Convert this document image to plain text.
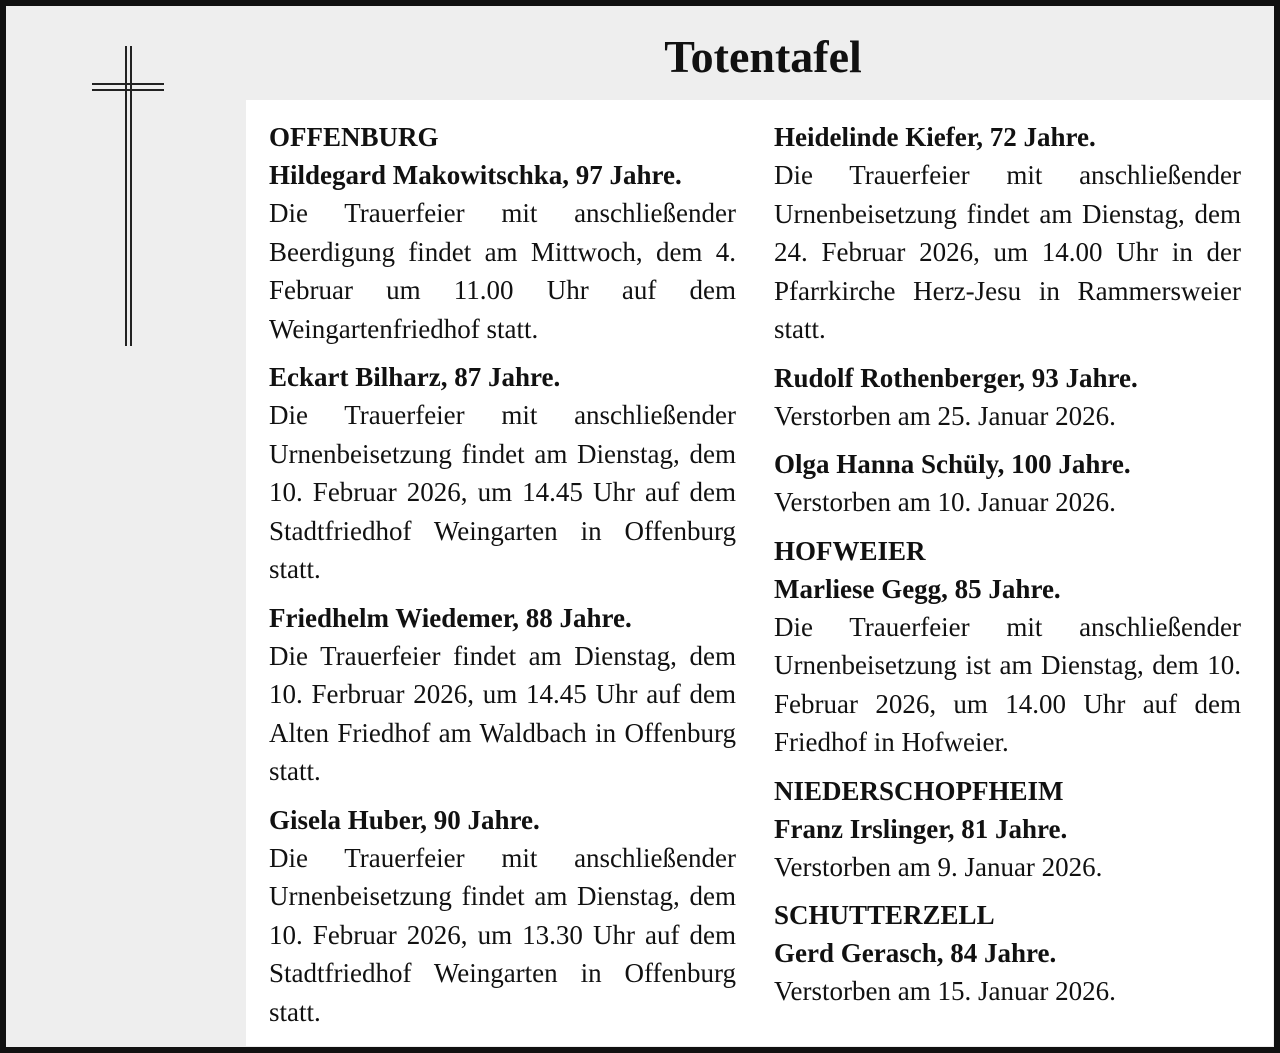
Totentafel
OFFENBURG
Hildegard Makowitschka, 97 Jahre.
Die Trauerfeier mit anschließender Beerdigung findet am Mittwoch, dem 4. Februar um 11.00 Uhr auf dem Weingartenfriedhof statt.
Eckart Bilharz, 87 Jahre.
Die Trauerfeier mit anschließender Urnenbeisetzung findet am Dienstag, dem 10. Februar 2026, um 14.45 Uhr auf dem Stadtfriedhof Weingarten in Offenburg statt.
Friedhelm Wiedemer, 88 Jahre.
Die Trauerfeier findet am Dienstag, dem 10. Ferbruar 2026, um 14.45 Uhr auf dem Alten Friedhof am Waldbach in Offenburg statt.
Gisela Huber, 90 Jahre.
Die Trauerfeier mit anschließender Urnenbeisetzung findet am Dienstag, dem 10. Februar 2026, um 13.30 Uhr auf dem Stadtfriedhof Weingarten in Offenburg statt.
Heidelinde Kiefer, 72 Jahre.
Die Trauerfeier mit anschließender Urnenbeisetzung findet am Dienstag, dem 24. Februar 2026, um 14.00 Uhr in der Pfarrkirche Herz-Jesu in Rammersweier statt.
Rudolf Rothenberger, 93 Jahre.
Verstorben am 25. Januar 2026.
Olga Hanna Schüly, 100 Jahre.
Verstorben am 10. Januar 2026.
HOFWEIER
Marliese Gegg, 85 Jahre.
Die Trauerfeier mit anschließender Urnenbeisetzung ist am Dienstag, dem 10. Februar 2026, um 14.00 Uhr auf dem Friedhof in Hofweier.
NIEDERSCHOPFHEIM
Franz Irslinger, 81 Jahre.
Verstorben am 9. Januar 2026.
SCHUTTERZELL
Gerd Gerasch, 84 Jahre.
Verstorben am 15. Januar 2026.
